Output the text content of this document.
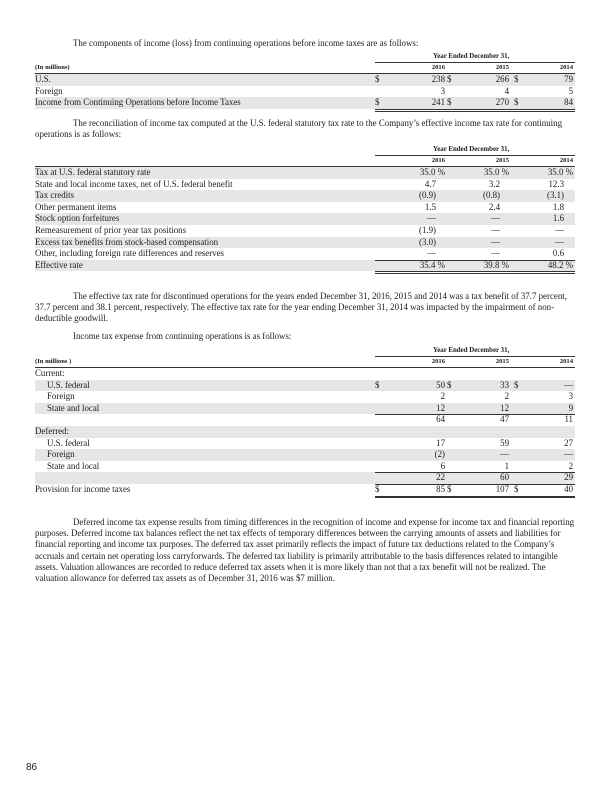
The components of income (loss) from continuing operations before income taxes are as follows:

Year Ended December 31,
(In millions)	2016	2015	2014
U.S.	$	238 $	266 $	79
Foreign	3	4	5
Income from Continuing Operations before Income Taxes	$	241 $	270 $	84

The reconciliation of income tax computed at the U.S. federal statutory tax rate to the Company’s effective income tax rate for continuing operations is as follows:

Year Ended December 31,
2016	2015	2014
Tax at U.S. federal statutory rate	35.0 %	35.0 %	35.0 %
State and local income taxes, net of U.S. federal benefit	4.7	3.2	12.3
Tax credits	(0.9)	(0.8)	(3.1)
Other permanent items	1.5	2.4	1.8
Stock option forfeitures	—	—	1.6
Remeasurement of prior year tax positions	(1.9)	—	—
Excess tax benefits from stock-based compensation	(3.0)	—	—
Other, including foreign rate differences and reserves	—	—	0.6
Effective rate	35.4 %	39.8 %	48.2 %

The effective tax rate for discontinued operations for the years ended December 31, 2016, 2015 and 2014 was a tax benefit of 37.7 percent, 37.7 percent and 38.1 percent, respectively. The effective tax rate for the year ending December 31, 2014 was impacted by the impairment of non-deductible goodwill.

Income tax expense from continuing operations is as follows:

Year Ended December 31,
(In millions )	2016	2015	2014
Current:
U.S. federal	$	50 $	33 $	—
Foreign	2	2	3
State and local	12	12	9
64	47	11
Deferred:
U.S. federal	17	59	27
Foreign	(2)	—	—
State and local	6	1	2
22	60	29
Provision for income taxes	$	85 $	107 $	40

Deferred income tax expense results from timing differences in the recognition of income and expense for income tax and financial reporting purposes. Deferred income tax balances reflect the net tax effects of temporary differences between the carrying amounts of assets and liabilities for financial reporting and income tax purposes. The deferred tax asset primarily reflects the impact of future tax deductions related to the Company’s accruals and certain net operating loss carryforwards. The deferred tax liability is primarily attributable to the basis differences related to intangible assets. Valuation allowances are recorded to reduce deferred tax assets when it is more likely than not that a tax benefit will not be realized. The valuation allowance for deferred tax assets as of December 31, 2016 was $7 million.

86
